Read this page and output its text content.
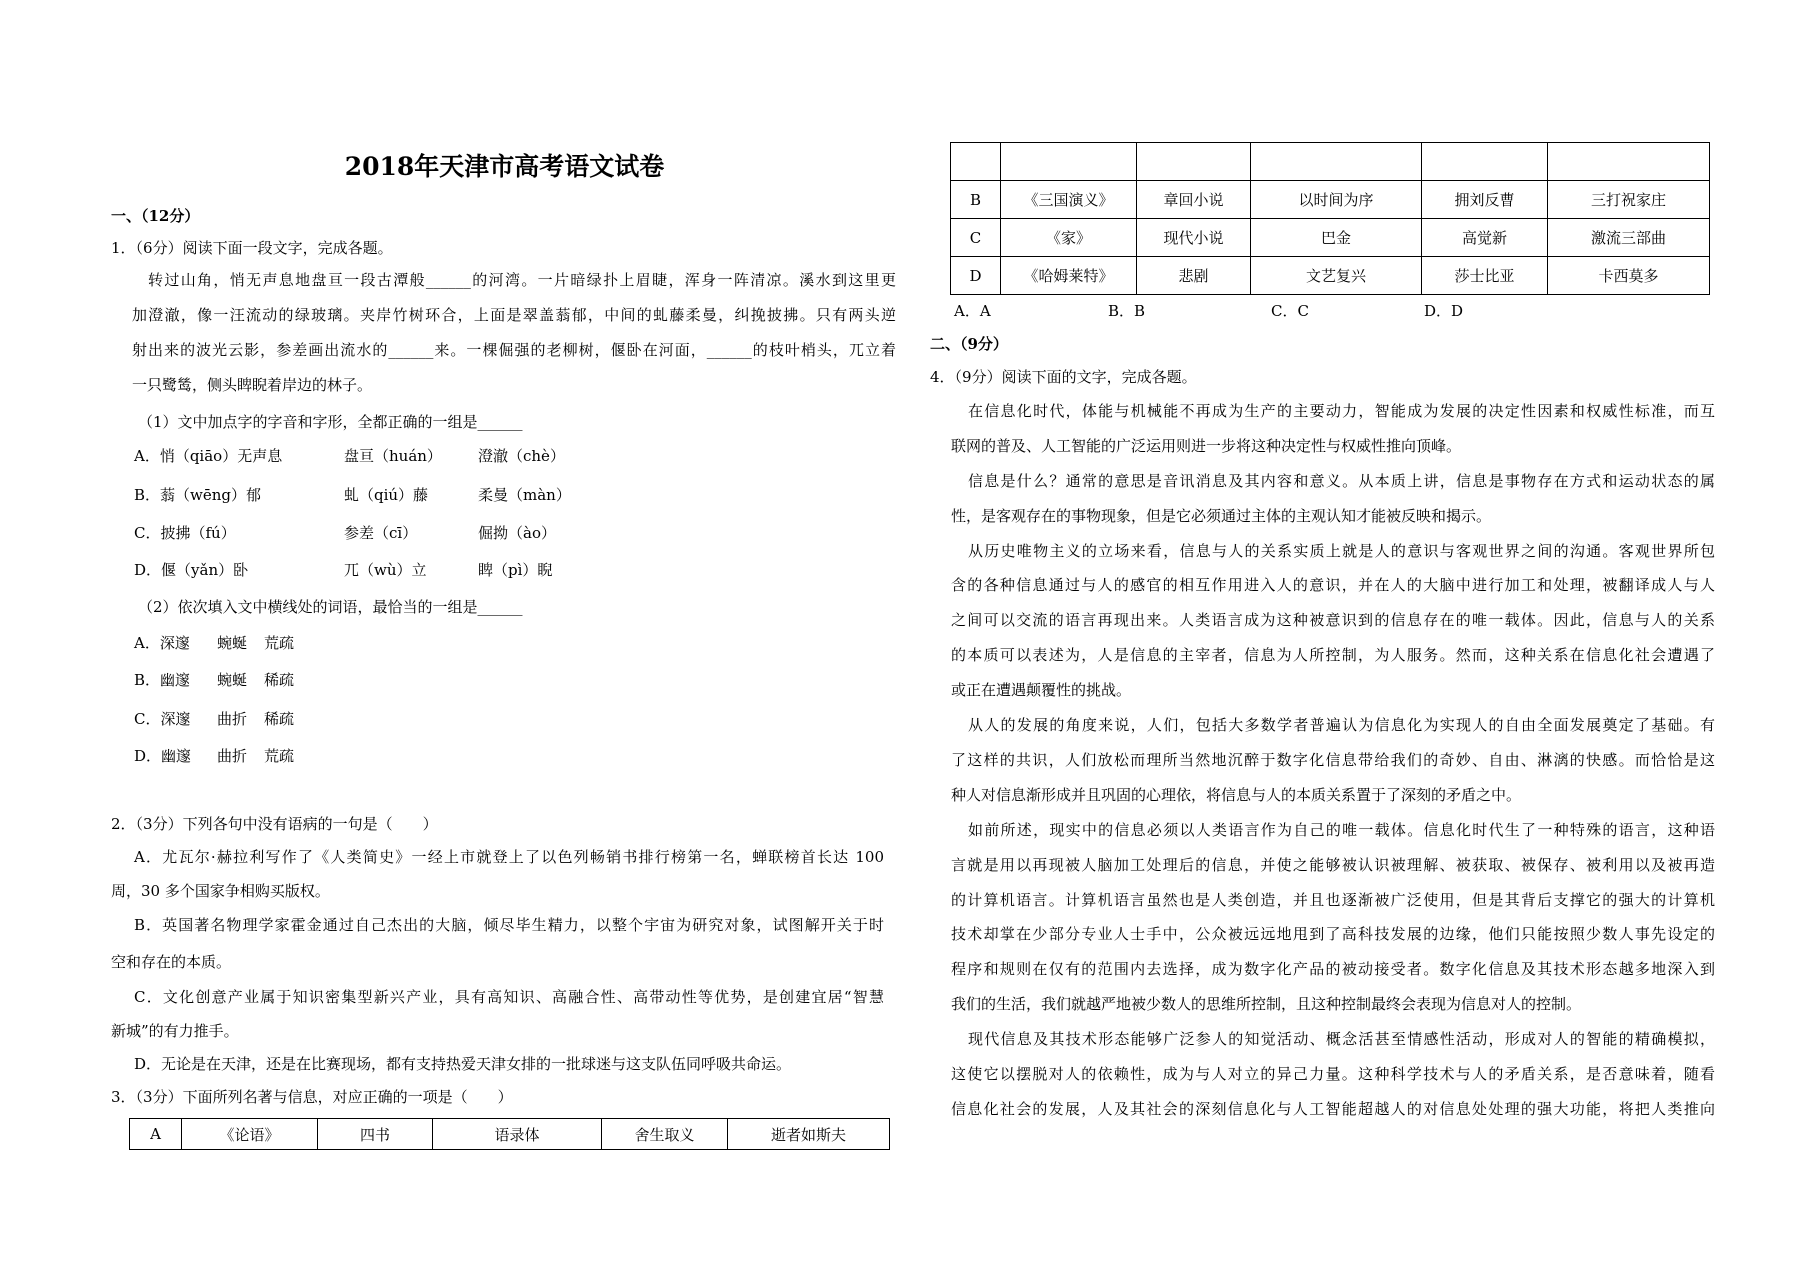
2018年天津市高考语文试卷
一、（12分）
1．（6分）阅读下面一段文字，完成各题。
转过山角，悄无声息地盘亘一段古潭般______的河湾。一片暗绿扑上眉睫，浑身一阵清凉。溪水到这里更
加澄澈，像一汪流动的绿玻璃。夹岸竹树环合，上面是翠盖蓊郁，中间的虬藤柔曼，纠挽披拂。只有两头逆
射出来的波光云影，参差画出流水的______来。一棵倔强的老柳树，偃卧在河面，______的枝叶梢头，兀立着
一只鹭鸶，侧头睥睨着岸边的林子。
（1）文中加点字的字音和字形，全都正确的一组是______
A．悄（qiāo）无声息	盘亘（huán） 澄澈（chè）
B．蓊（wēng）郁	虬（qiú）藤	柔曼（màn）
C．披拂（fú）	参差（cī）	倔拗（ào）
D．偃（yǎn）卧	兀（wù）立	睥（pì）睨
（2）依次填入文中横线处的词语，最恰当的一组是______
A．深邃 蜿蜒 荒疏
B．幽邃 蜿蜒 稀疏
C．深邃 曲折 稀疏
D．幽邃 曲折 荒疏
2．（3分）下列各句中没有语病的一句是（　　）
A．尤瓦尔·赫拉利写作了《人类简史》一经上市就登上了以色列畅销书排行榜第一名，蝉联榜首长达 100
周，30 多个国家争相购买版权。
B．英国著名物理学家霍金通过自己杰出的大脑，倾尽毕生精力，以整个宇宙为研究对象，试图解开关于时
空和存在的本质。
C．文化创意产业属于知识密集型新兴产业，具有高知识、高融合性、高带动性等优势，是创建宜居“智慧
新城”的有力推手。
D．无论是在天津，还是在比赛现场，都有支持热爱天津女排的一批球迷与这支队伍同呼吸共命运。
3．（3分）下面所列名著与信息，对应正确的一项是（　　）
A	《论语》	四书	语录体	舍生取义	逝者如斯夫

B	《三国演义》	章回小说	以时间为序	拥刘反曹	三打祝家庄
C	《家》	现代小说	巴金	高觉新	激流三部曲
D	《哈姆莱特》	悲剧	文艺复兴	莎士比亚	卡西莫多
A．A	B．B	C．C	D．D
二、（9分）
4．（9分）阅读下面的文字，完成各题。
在信息化时代，体能与机械能不再成为生产的主要动力，智能成为发展的决定性因素和权威性标准，而互
联网的普及、人工智能的广泛运用则进一步将这种决定性与权威性推向顶峰。
信息是什么？通常的意思是音讯消息及其内容和意义。从本质上讲，信息是事物存在方式和运动状态的属
性，是客观存在的事物现象，但是它必须通过主体的主观认知才能被反映和揭示。
从历史唯物主义的立场来看，信息与人的关系实质上就是人的意识与客观世界之间的沟通。客观世界所包
含的各种信息通过与人的感官的相互作用进入人的意识，并在人的大脑中进行加工和处理，被翻译成人与人
之间可以交流的语言再现出来。人类语言成为这种被意识到的信息存在的唯一载体。因此，信息与人的关系
的本质可以表述为，人是信息的主宰者，信息为人所控制，为人服务。然而，这种关系在信息化社会遭遇了
或正在遭遇颠覆性的挑战。
从人的发展的角度来说，人们，包括大多数学者普遍认为信息化为实现人的自由全面发展奠定了基础。有
了这样的共识，人们放松而理所当然地沉醉于数字化信息带给我们的奇妙、自由、淋漓的快感。而恰恰是这
种人对信息渐形成并且巩固的心理依，将信息与人的本质关系置于了深刻的矛盾之中。
如前所述，现实中的信息必须以人类语言作为自己的唯一载体。信息化时代生了一种特殊的语言，这种语
言就是用以再现被人脑加工处理后的信息，并使之能够被认识被理解、被获取、被保存、被利用以及被再造
的计算机语言。计算机语言虽然也是人类创造，并且也逐渐被广泛使用，但是其背后支撑它的强大的计算机
技术却掌在少部分专业人士手中，公众被远远地甩到了高科技发展的边缘，他们只能按照少数人事先设定的
程序和规则在仅有的范围内去选择，成为数字化产品的被动接受者。数字化信息及其技术形态越多地深入到
我们的生活，我们就越严地被少数人的思维所控制，且这种控制最终会表现为信息对人的控制。
现代信息及其技术形态能够广泛参人的知觉活动、概念活甚至情感性活动，形成对人的智能的精确模拟，
这使它以摆脱对人的依赖性，成为与人对立的异己力量。这种科学技术与人的矛盾关系，是否意味着，随看
信息化社会的发展，人及其社会的深刻信息化与人工智能超越人的对信息处处理的强大功能，将把人类推向
